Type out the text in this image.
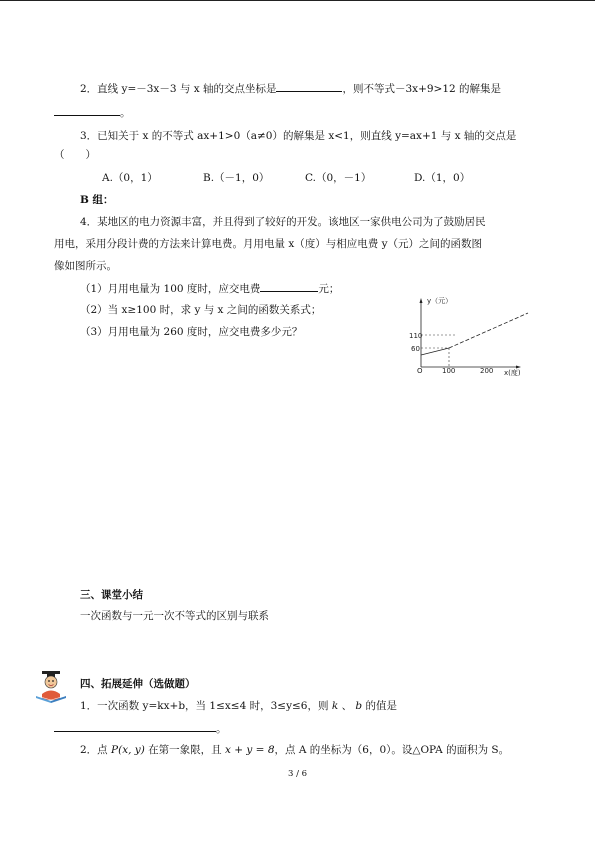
2．直线 y=－3x－3 与 x 轴的交点坐标是	，则不等式－3x+9>12 的解集是
。
3．已知关于 x 的不等式 ax+1>0（a≠0）的解集是 x<1，则直线 y=ax+1 与 x 轴的交点是
（　　）
A.（0，1）	B.（－1，0）	C.（0，－1）	D.（1，0）
B 组：
4．某地区的电力资源丰富，并且得到了较好的开发。该地区一家供电公司为了鼓励居民
用电，采用分段计费的方法来计算电费。月用电量 x（度）与相应电费 y（元）之间的函数图
像如图所示。
（1）月用电量为 100 度时，应交电费	元；
（2）当 x≥100 时，求 y 与 x 之间的函数关系式；
（3）月用电量为 260 度时，应交电费多少元？
y（元）
x(度)
O
110
60
100	200
三、课堂小结
一次函数与一元一次不等式的区别与联系
四、拓展延伸（选做题）
1．一次函数 y=kx+b，当 1≤x≤4 时，3≤y≤6，则 k 、 b 的值是
。
2．点 P(x, y) 在第一象限，且 x + y = 8，点 A 的坐标为（6，0）。设△OPA 的面积为 S。
3 / 6
